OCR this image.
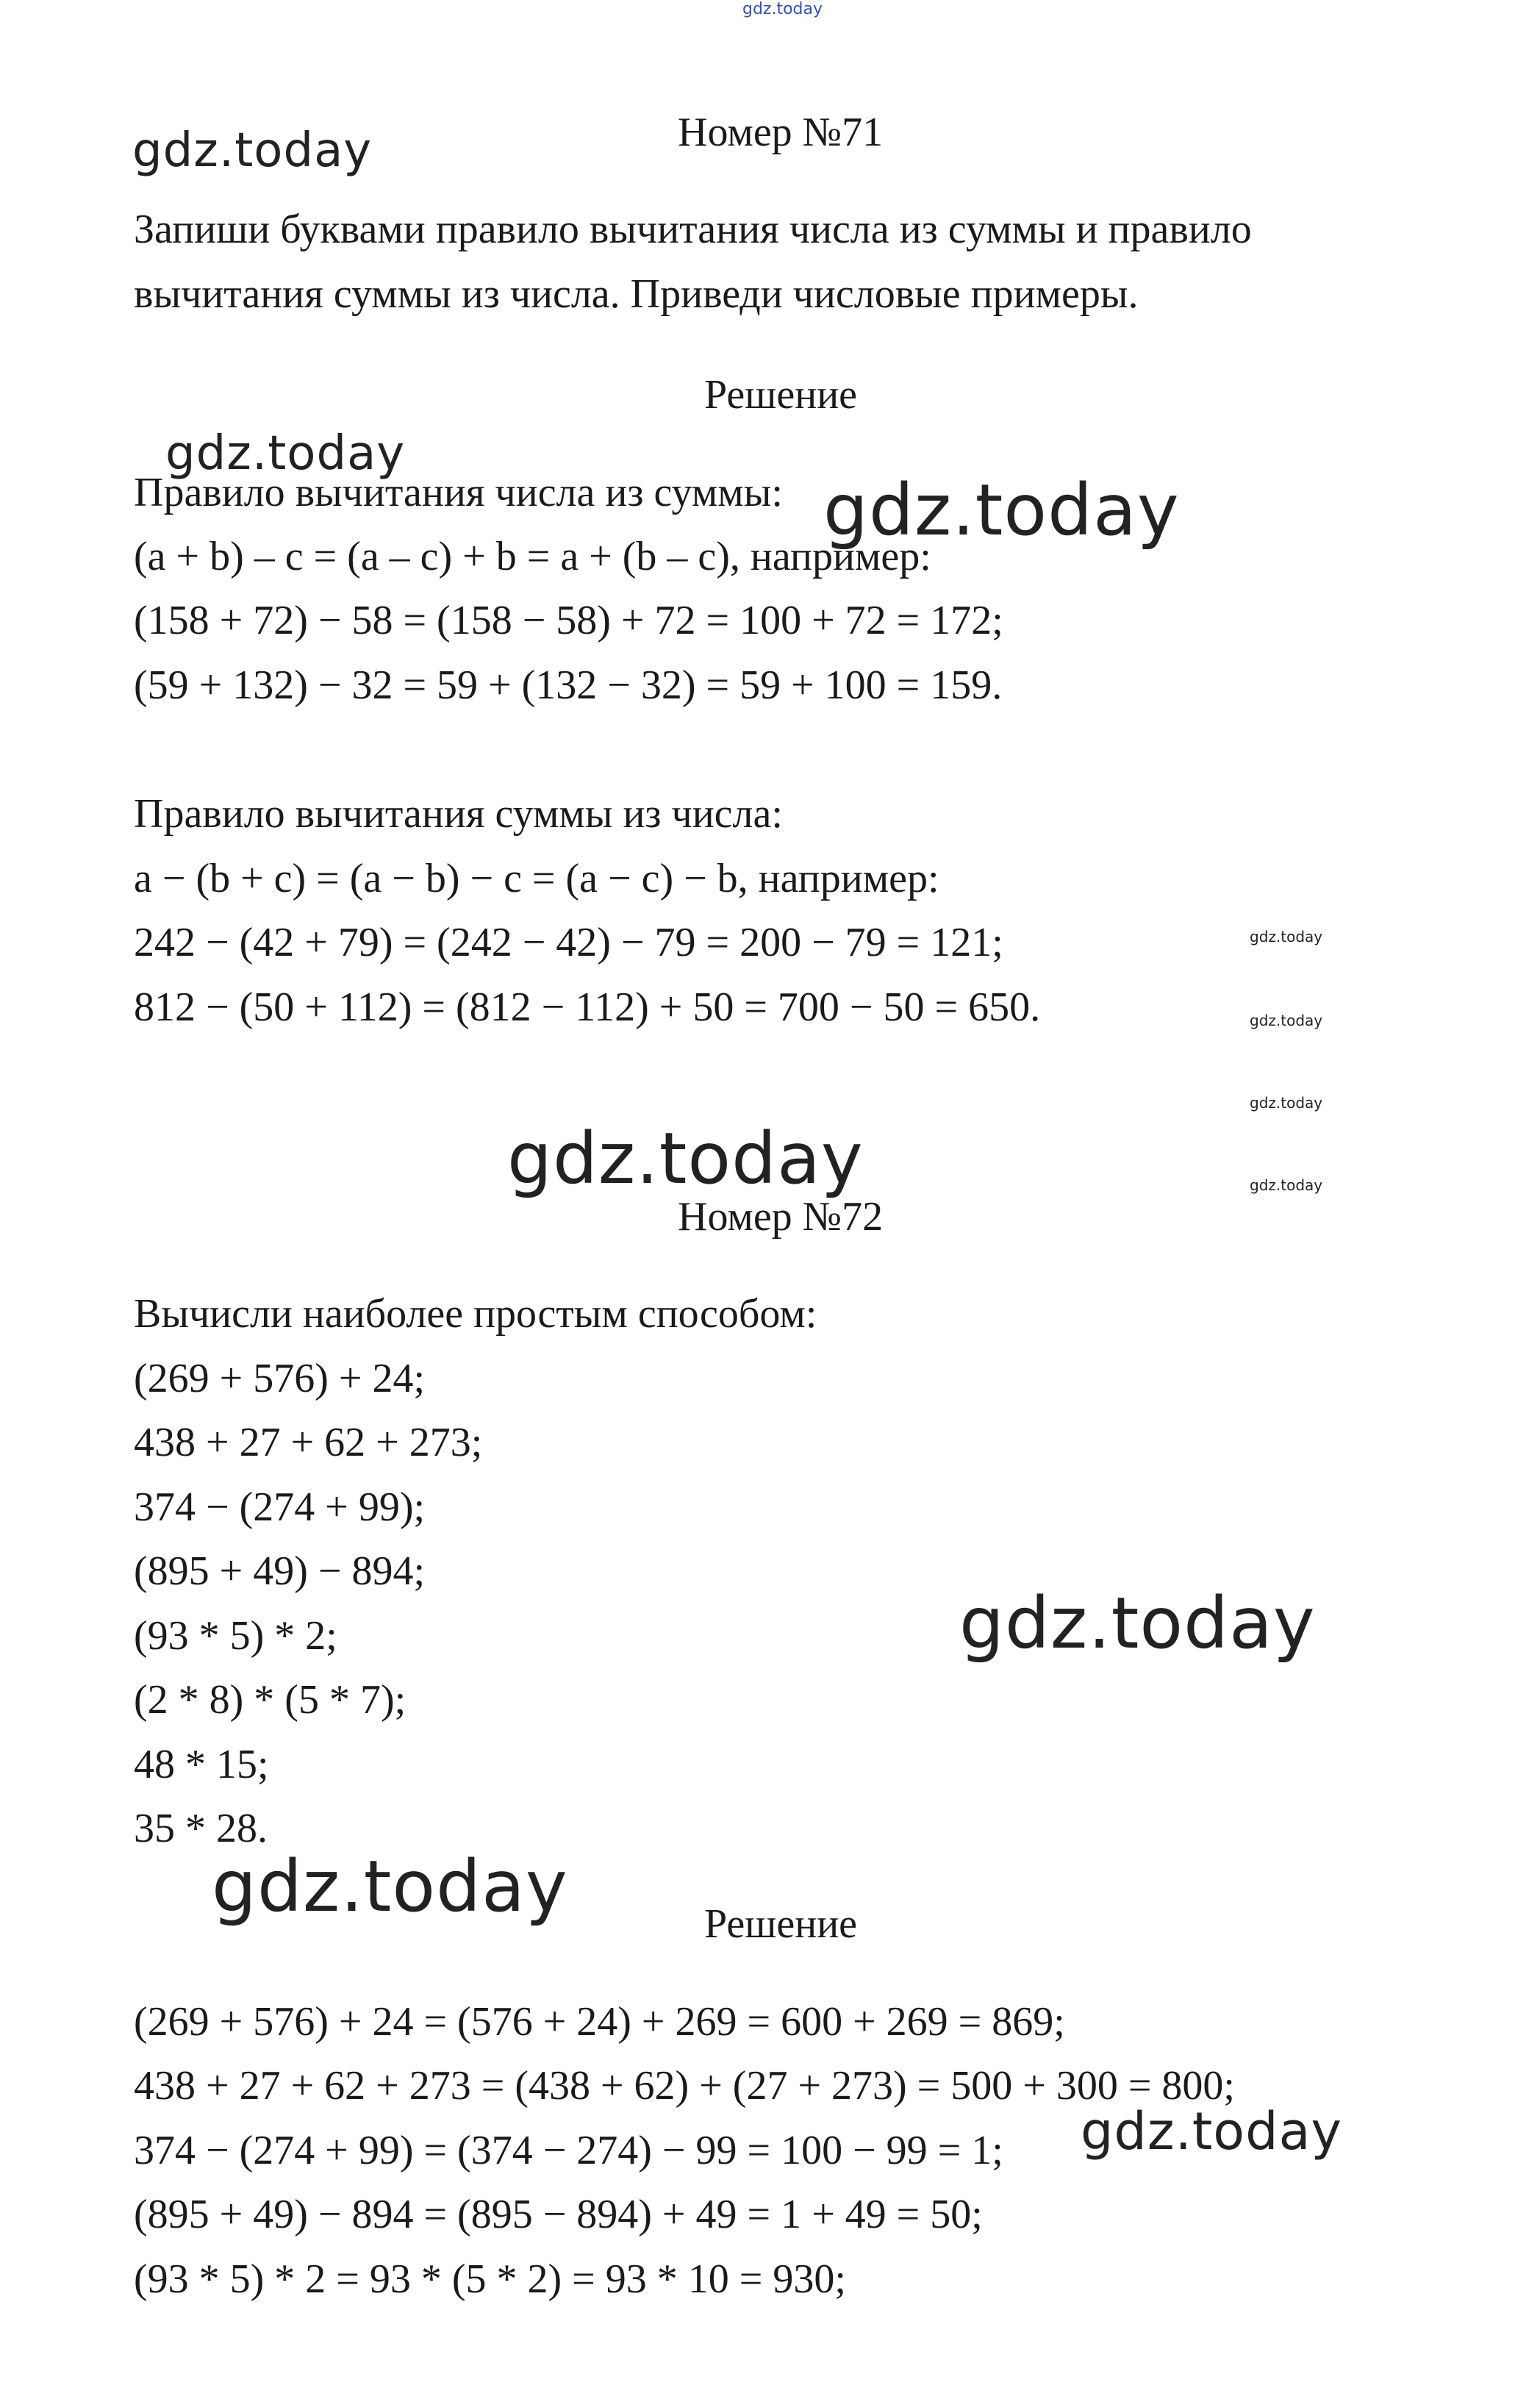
gdz.today
gdz.today
gdz.today
gdz.today
gdz.today
gdz.today
gdz.today
gdz.today
gdz.today
gdz.today
gdz.today
gdz.today
Номер №71
Запиши буквами правило вычитания числа из суммы и правило
вычитания суммы из числа. Приведи числовые примеры.
Решение
Правило вычитания числа из суммы:
(a + b) – c = (a – c) + b = a + (b – c), например:
(158 + 72) − 58 = (158 − 58) + 72 = 100 + 72 = 172;
(59 + 132) − 32 = 59 + (132 − 32) = 59 + 100 = 159.
Правило вычитания суммы из числа:
a − (b + c) = (a − b) − c = (a − c) − b, например:
242 − (42 + 79) = (242 − 42) − 79 = 200 − 79 = 121;
812 − (50 + 112) = (812 − 112) + 50 = 700 − 50 = 650.
Номер №72
Вычисли наиболее простым способом:
(269 + 576) + 24;
438 + 27 + 62 + 273;
374 − (274 + 99);
(895 + 49) − 894;
(93 * 5) * 2;
(2 * 8) * (5 * 7);
48 * 15;
35 * 28.
Решение
(269 + 576) + 24 = (576 + 24) + 269 = 600 + 269 = 869;
438 + 27 + 62 + 273 = (438 + 62) + (27 + 273) = 500 + 300 = 800;
374 − (274 + 99) = (374 − 274) − 99 = 100 − 99 = 1;
(895 + 49) − 894 = (895 − 894) + 49 = 1 + 49 = 50;
(93 * 5) * 2 = 93 * (5 * 2) = 93 * 10 = 930;
